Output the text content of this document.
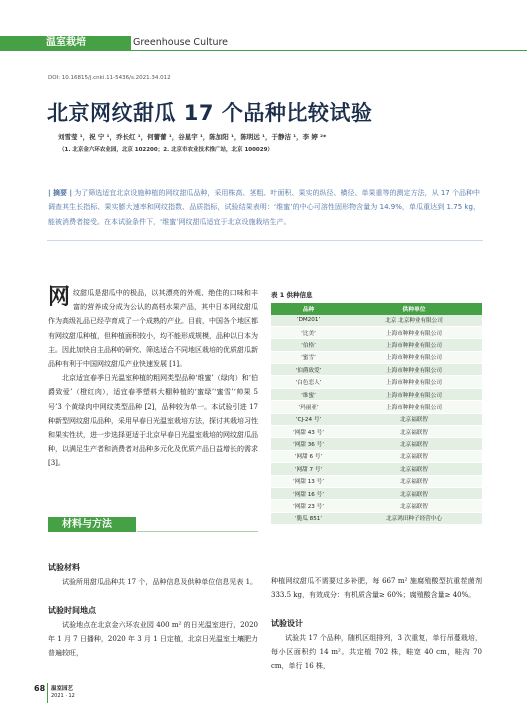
温室栽培	Greenhouse Culture
DOI: 10.16815/j.cnki.11-5436/s.2021.34.012
北京网纹甜瓜 17 个品种比较试验
刘雪莹 ¹，祝 宁 ¹，乔长红 ¹，何蕾蕾 ¹，谷星宇 ¹，陈加阳 ¹，陈明远 ¹，于静洁 ¹，李 婷 ²*
（1. 北京金六环农业园，北京 102200；2. 北京市农业技术推广站，北京 100029）
| 摘要 | 为了筛选适宜北京设施种植的网纹甜瓜品种，采用株高、茎粗、叶面积、果实的纵径、横径、单果重等的测定方法，从 17 个品种中调查其生长指标、果实膨大速率和网纹指数、品质指标，试验结果表明：‘维蜜’的中心可溶性固形物含量为 14.9%，单瓜重达到 1.75 kg，能被消费者接受。在本试验条件下，‘维蜜’网纹甜瓜适宜于北京设施栽培生产。

网 纹甜瓜是甜瓜中的极品，以其漂亮的外观、绝佳的口味和丰富的营养成分成为公认的高档水果产品，其中日本网纹甜瓜作为高级礼品已经孕育成了一个成熟的产业。目前，中国各个地区都有网纹甜瓜种植，但种植面积较小，均不能形成规模，品种以日本为主。因此加快自主品种的研究、筛选适合不同地区栽培的优质甜瓜新品种有利于中国网纹甜瓜产业快速发展 [1]。

北京适宜春季日光温室种植的粗网类型品种‘维蜜’（绿肉）和‘伯爵致爱’（橙红肉），适宜春季塑料大棚种植的‘蜜绿’‘蜜雪’‘帅果 5 号’3 个黄绿肉中网纹类型品种 [2]，品种较为单一。本试验引进 17 种新型网纹甜瓜品种，采用早春日光温室栽培方法，探讨其栽培习性和果实性状，进一步选择更适于北京早春日光温室栽培的网纹甜瓜品种，以满足生产者和消费者对品种多元化及优质产品日益增长的需求 [3]。

材料与方法
试验材料
试验所用甜瓜品种共 17 个，品种信息及供种单位信息见表 1。
试验时间地点
试验地点在北京金六环农业园 400 m² 的日光温室进行，2020 年 1 月 7 日播种，2020 年 3 月 1 日定植，北京日光温室土壤肥力普遍较旺，
表 1 供种信息
品种	供种单位
‘DM201’	北京 北京种业有限公司
‘比美’	上海市种种业有限公司
‘伯格’	上海市种种业有限公司
‘蜜雪’	上海市种种业有限公司
‘伯爵致爱’	上海市种种业有限公司
‘白色恋人’	上海市种种业有限公司
‘维蜜’	上海市种种业有限公司
‘玛丽亚’	上海市种种业有限公司
‘CJ-24 号’	北京福联智
‘网甜 43 号’	北京福联智
‘网甜 36 号’	北京福联智
‘网甜 6 号’	北京福联智
‘网甜 7 号’	北京福联智
‘网甜 13 号’	北京福联智
‘网甜 16 号’	北京福联智
‘网甜 23 号’	北京福联智
‘脆瓜 851’	北京鸿田种子经营中心
种植网纹甜瓜不需要过多补肥，每 667 m² 施腐殖酸型抗重茬菌剂 333.5 kg，有效成分：有机质含量≥ 60%；腐殖酸含量≥ 40%。
试验设计
试验共 17 个品种，随机区组排列，3 次重复，单行吊蔓栽培，每小区面积约 14 m²。共定植 702 株，畦宽 40 cm，畦沟 70 cm，单行 16 株，
68 温室园艺
2021 · 12
